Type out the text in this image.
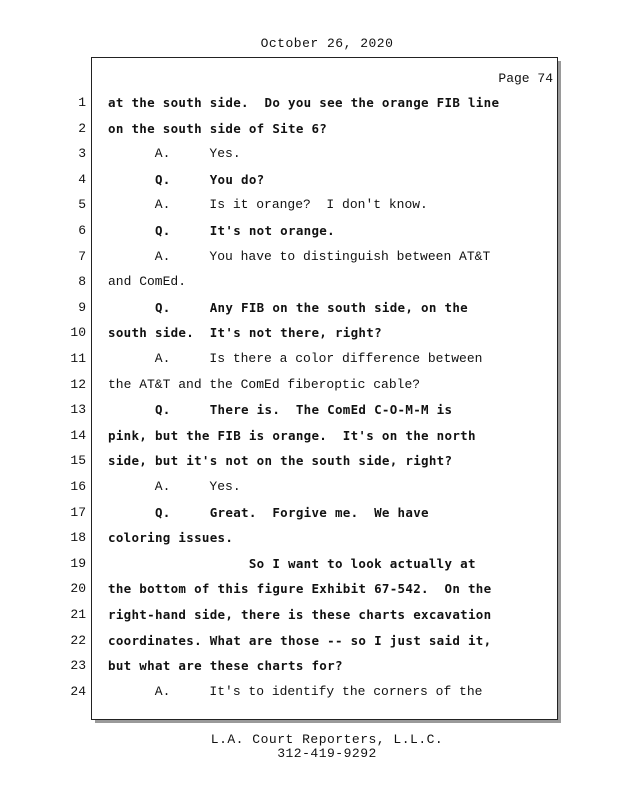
October 26, 2020
Page 74
1 at the south side.  Do you see the orange FIB line
2 on the south side of Site 6?
3 A.     Yes.
4 Q.     You do?
5 A.     Is it orange?  I don't know.
6 Q.     It's not orange.
7 A.     You have to distinguish between AT&T
8 and ComEd.
9 Q.     Any FIB on the south side, on the
10 south side.  It's not there, right?
11 A.     Is there a color difference between
12 the AT&T and the ComEd fiberoptic cable?
13 Q.     There is.  The ComEd C-O-M-M is
14 pink, but the FIB is orange.  It's on the north
15 side, but it's not on the south side, right?
16 A.     Yes.
17 Q.     Great.  Forgive me.  We have
18 coloring issues.
19 So I want to look actually at
20 the bottom of this figure Exhibit 67-542.  On the
21 right-hand side, there is these charts excavation
22 coordinates. What are those -- so I just said it,
23 but what are these charts for?
24 A.     It's to identify the corners of the
L.A. Court Reporters, L.L.C.
312-419-9292
